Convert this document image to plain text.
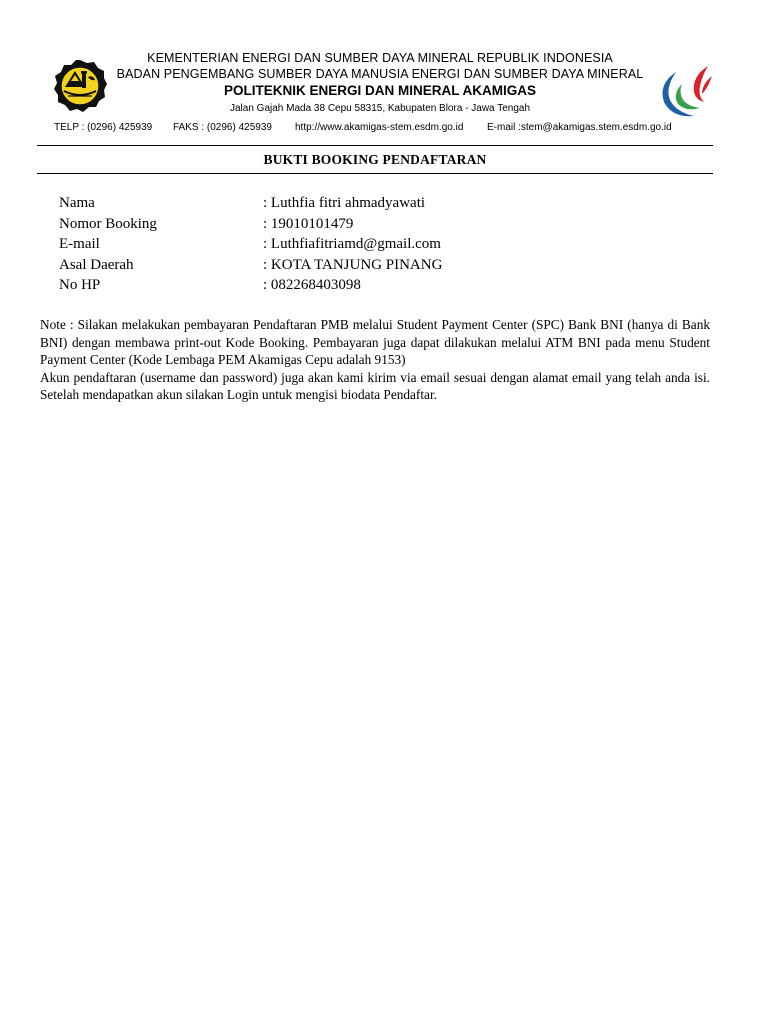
KEMENTERIAN ENERGI DAN SUMBER DAYA MINERAL REPUBLIK INDONESIA
BADAN PENGEMBANG SUMBER DAYA MANUSIA ENERGI DAN SUMBER DAYA MINERAL
POLITEKNIK ENERGI DAN MINERAL AKAMIGAS
Jalan Gajah Mada 38 Cepu 58315, Kabupaten Blora - Jawa Tengah
TELP : (0296) 425939 FAKS : (0296) 425939 http://www.akamigas-stem.esdm.go.id E-mail :stem@akamigas.stem.esdm.go.id
BUKTI BOOKING PENDAFTARAN
Nama	: Luthfia fitri ahmadyawati
Nomor Booking	: 19010101479
E-mail	: Luthfiafitriamd@gmail.com
Asal Daerah	: KOTA TANJUNG PINANG
No HP	: 082268403098

Note : Silakan melakukan pembayaran Pendaftaran PMB melalui Student Payment Center (SPC) Bank BNI (hanya di Bank BNI) dengan membawa print-out Kode Booking. Pembayaran juga dapat dilakukan melalui ATM BNI pada menu Student Payment Center (Kode Lembaga PEM Akamigas Cepu adalah 9153)

Akun pendaftaran (username dan password) juga akan kami kirim via email sesuai dengan alamat email yang telah anda isi. Setelah mendapatkan akun silakan Login untuk mengisi biodata Pendaftar.
